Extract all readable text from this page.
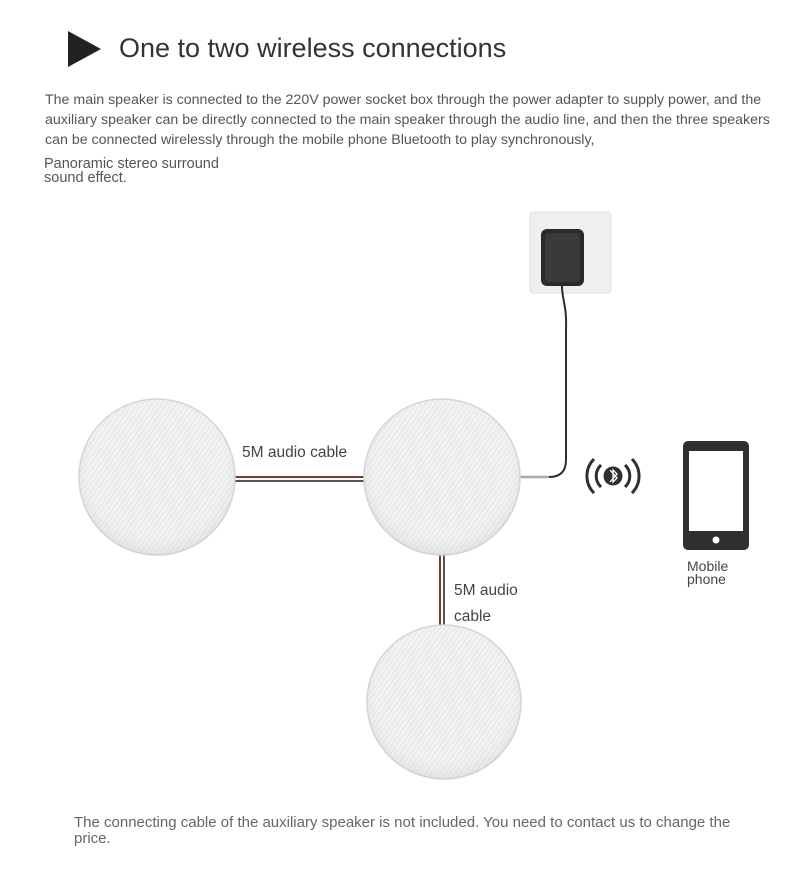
One to two wireless connections
The main speaker is connected to the 220V power socket box through the power adapter to supply power, and the auxiliary speaker can be directly connected to the main speaker through the audio line, and then the three speakers can be connected wirelessly through the mobile phone Bluetooth to play synchronously,
Panoramic stereo surround
sound effect.
5M audio cable
5M audio
cable
Mobile
phone
The connecting cable of the auxiliary speaker is not included. You need to contact us to change the price.
